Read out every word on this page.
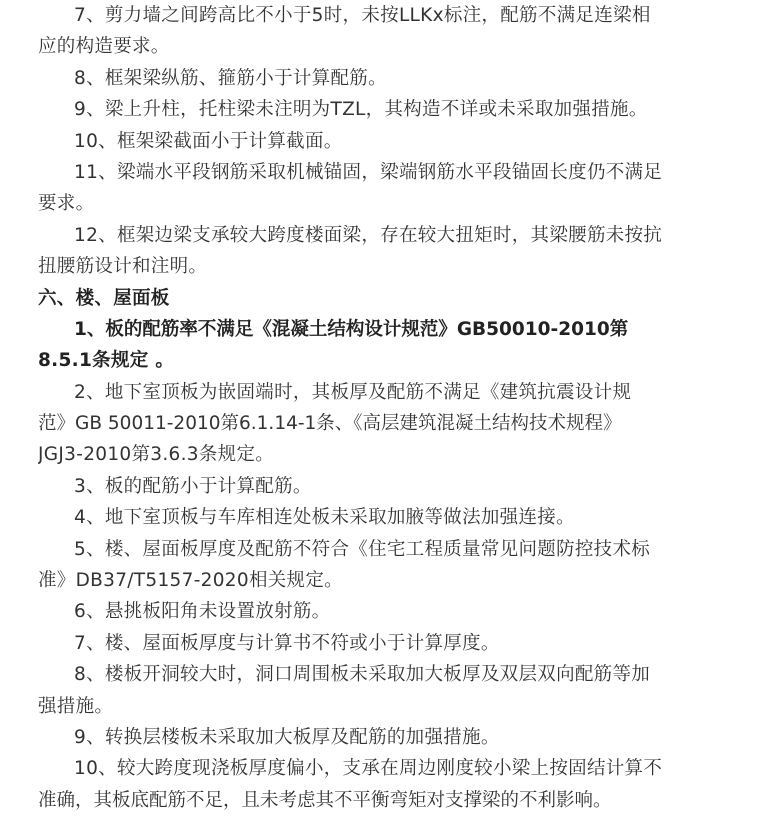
7、剪力墙之间跨高比不小于5时，未按LLKx标注，配筋不满足连梁相
应的构造要求。
8、框架梁纵筋、箍筋小于计算配筋。
9、梁上升柱，托柱梁未注明为TZL，其构造不详或未采取加强措施。
10、框架梁截面小于计算截面。
11、梁端水平段钢筋采取机械锚固，梁端钢筋水平段锚固长度仍不满足
要求。
12、框架边梁支承较大跨度楼面梁，存在较大扭矩时，其梁腰筋未按抗
扭腰筋设计和注明。
六、楼、屋面板
1、板的配筋率不满足《混凝土结构设计规范》GB50010-2010第
8.5.1条规定 。
2、地下室顶板为嵌固端时，其板厚及配筋不满足《建筑抗震设计规
范》GB 50011-2010第6.1.14-1条、《高层建筑混凝土结构技术规程》
JGJ3-2010第3.6.3条规定。
3、板的配筋小于计算配筋。
4、地下室顶板与车库相连处板未采取加腋等做法加强连接。
5、楼、屋面板厚度及配筋不符合《住宅工程质量常见问题防控技术标
准》DB37/T5157-2020相关规定。
6、悬挑板阳角未设置放射筋。
7、楼、屋面板厚度与计算书不符或小于计算厚度。
8、楼板开洞较大时，洞口周围板未采取加大板厚及双层双向配筋等加
强措施。
9、转换层楼板未采取加大板厚及配筋的加强措施。
10、较大跨度现浇板厚度偏小，支承在周边刚度较小梁上按固结计算不
准确，其板底配筋不足，且未考虑其不平衡弯矩对支撑梁的不利影响。
